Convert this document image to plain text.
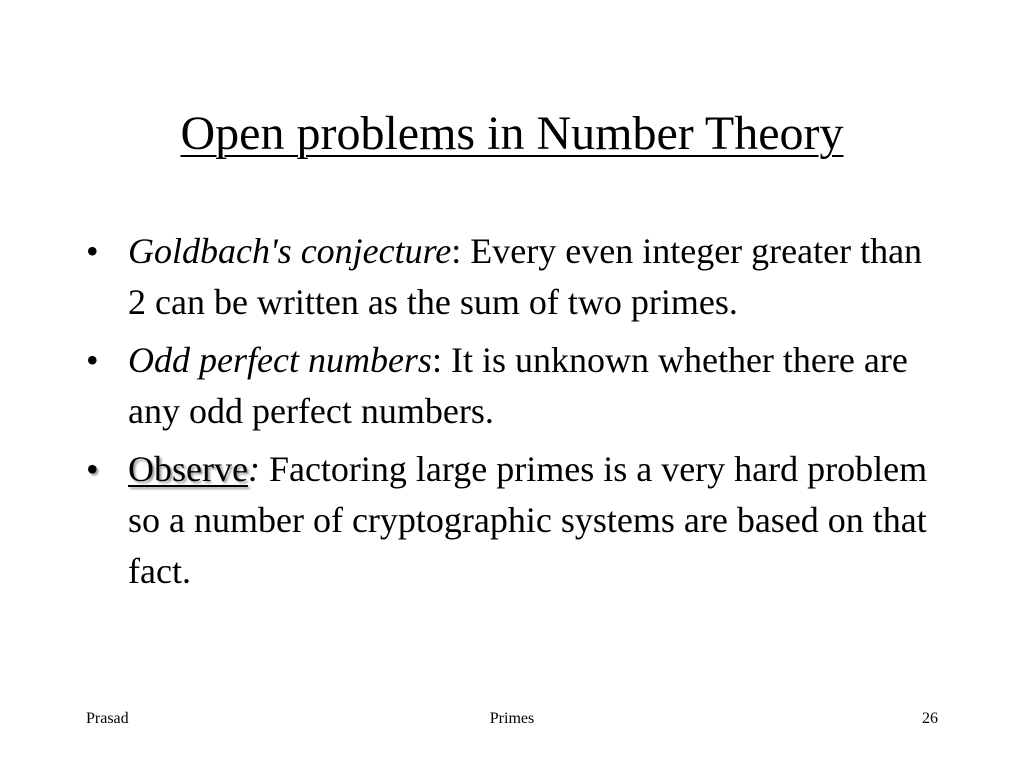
Open problems in Number Theory
• Goldbach's conjecture: Every even integer greater than 2 can be written as the sum of two primes.
• Odd perfect numbers: It is unknown whether there are any odd perfect numbers.
• Observe: Factoring large primes is a very hard problem so a number of cryptographic systems are based on that fact.
Prasad	Primes	26
